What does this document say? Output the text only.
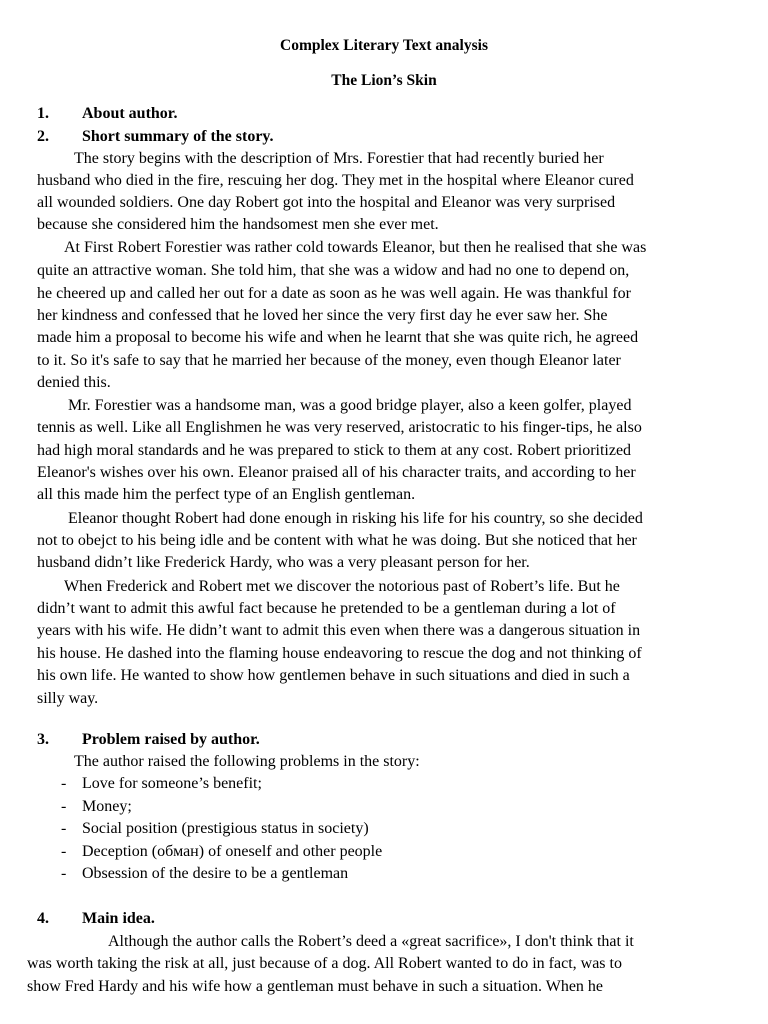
Complex Literary Text analysis
The Lion’s Skin
1. About author.
2. Short summary of the story.
The story begins with the description of Mrs. Forestier that had recently buried her
husband who died in the fire, rescuing her dog. They met in the hospital where Eleanor cured
all wounded soldiers. One day Robert got into the hospital and Eleanor was very surprised
because she considered him the handsomest men she ever met.
At First Robert Forestier was rather cold towards Eleanor, but then he realised that she was
quite an attractive woman. She told him, that she was a widow and had no one to depend on,
he cheered up and called her out for a date as soon as he was well again. He was thankful for
her kindness and confessed that he loved her since the very first day he ever saw her. She
made him a proposal to become his wife and when he learnt that she was quite rich, he agreed
to it. So it's safe to say that he married her because of the money, even though Eleanor later
denied this.
Mr. Forestier was a handsome man, was a good bridge player, also a keen golfer, played
tennis as well. Like all Englishmen he was very reserved, aristocratic to his finger-tips, he also
had high moral standards and he was prepared to stick to them at any cost. Robert prioritized
Eleanor's wishes over his own. Eleanor praised all of his character traits, and according to her
all this made him the perfect type of an English gentleman.
Eleanor thought Robert had done enough in risking his life for his country, so she decided
not to obejct to his being idle and be content with what he was doing. But she noticed that her
husband didn’t like Frederick Hardy, who was a very pleasant person for her.
When Frederick and Robert met we discover the notorious past of Robert’s life. But he
didn’t want to admit this awful fact because he pretended to be a gentleman during a lot of
years with his wife. He didn’t want to admit this even when there was a dangerous situation in
his house. He dashed into the flaming house endeavoring to rescue the dog and not thinking of
his own life. He wanted to show how gentlemen behave in such situations and died in such a
silly way.
3. Problem raised by author.
The author raised the following problems in the story:
- Love for someone’s benefit;
- Money;
- Social position (prestigious status in society)
- Deception (обман) of oneself and other people
- Obsession of the desire to be a gentleman
4. Main idea.
Although the author calls the Robert’s deed a «great sacrifice», I don't think that it
was worth taking the risk at all, just because of a dog. All Robert wanted to do in fact, was to
show Fred Hardy and his wife how a gentleman must behave in such a situation. When he
